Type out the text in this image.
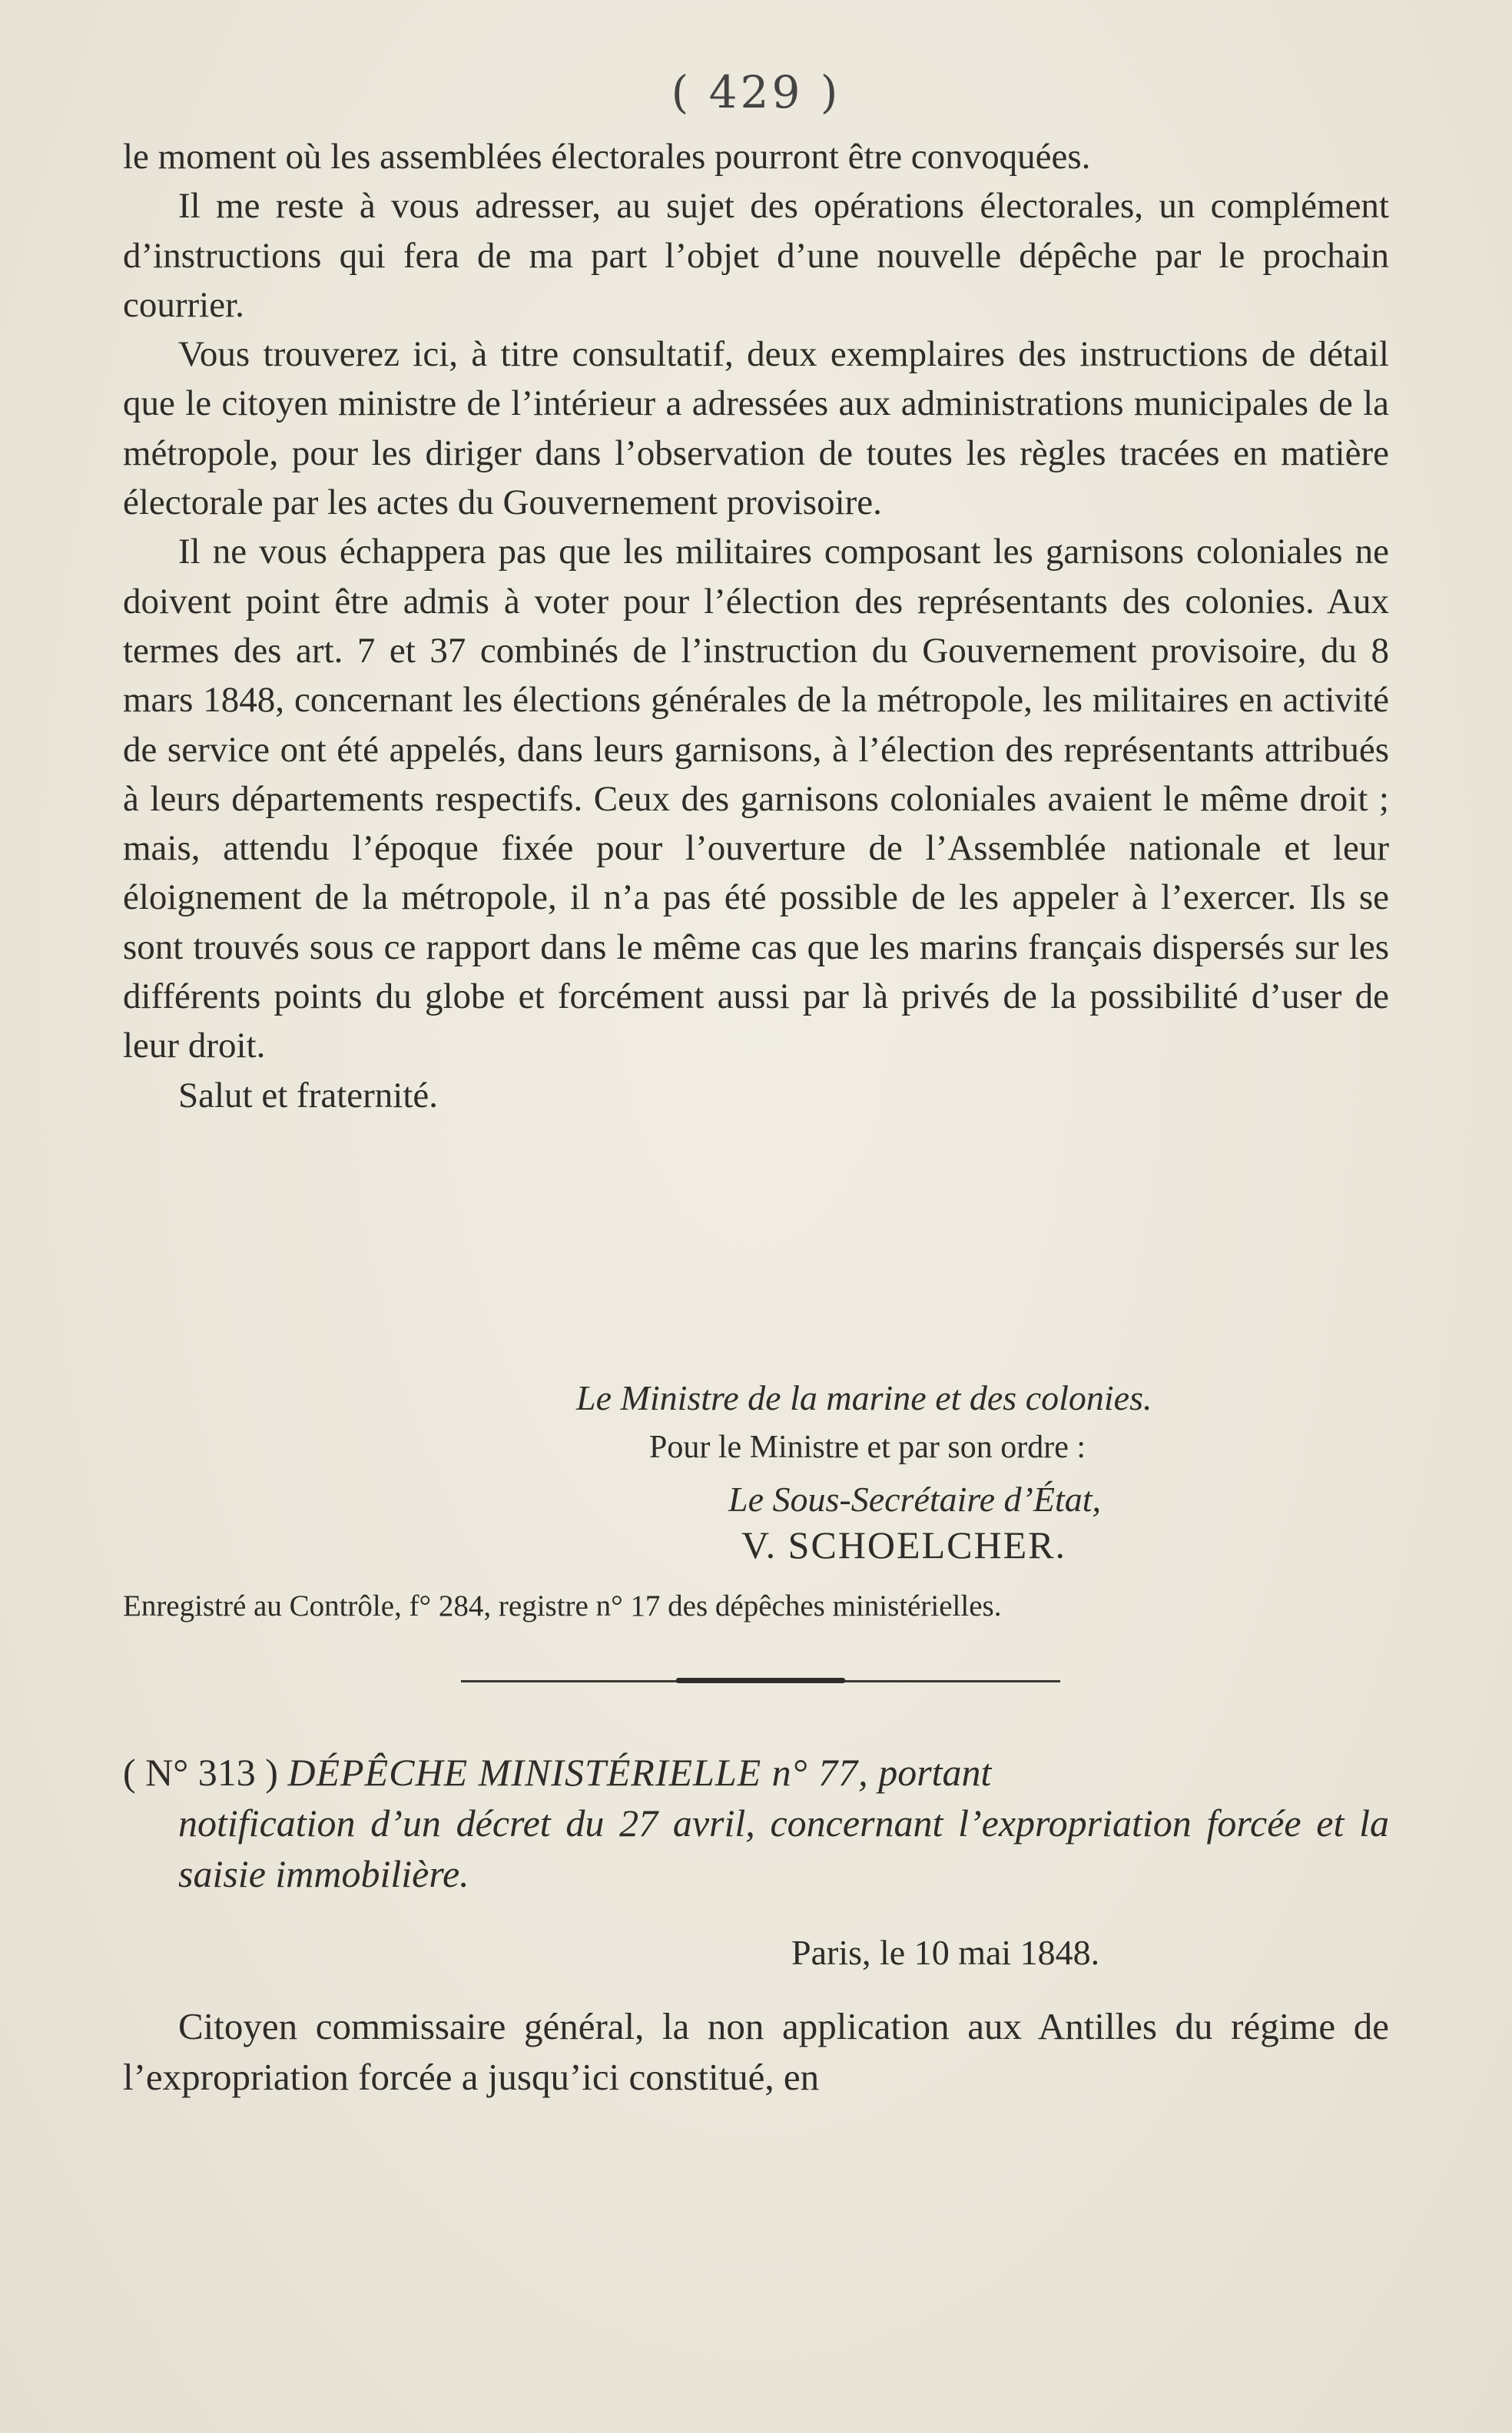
( 429 )

le moment où les assemblées électorales pourront être convoquées.

Il me reste à vous adresser, au sujet des opérations électorales, un complément d’instructions qui fera de ma part l’objet d’une nouvelle dépêche par le prochain courrier.

Vous trouverez ici, à titre consultatif, deux exemplaires des instructions de détail que le citoyen ministre de l’intérieur a adressées aux administrations municipales de la métropole, pour les diriger dans l’observation de toutes les règles tracées en matière électorale par les actes du Gouvernement provisoire.

Il ne vous échappera pas que les militaires composant les garnisons coloniales ne doivent point être admis à voter pour l’élection des représentants des colonies. Aux termes des art. 7 et 37 combinés de l’instruction du Gouvernement provisoire, du 8 mars 1848, concernant les élections générales de la métropole, les militaires en activité de service ont été appelés, dans leurs garnisons, à l’élection des représentants attribués à leurs départements respectifs. Ceux des garnisons coloniales avaient le même droit ; mais, attendu l’époque fixée pour l’ouverture de l’Assemblée nationale et leur éloignement de la métropole, il n’a pas été possible de les appeler à l’exercer. Ils se sont trouvés sous ce rapport dans le même cas que les marins français dispersés sur les différents points du globe et forcément aussi par là privés de la possibilité d’user de leur droit.

Salut et fraternité.

Le Ministre de la marine et des colonies.
Pour le Ministre et par son ordre :
Le Sous-Secrétaire d’État,
V. SCHOELCHER.
Enregistré au Contrôle, f° 284, registre n° 17 des dépêches ministérielles.
( N° 313 ) DÉPÊCHE MINISTÉRIELLE n° 77, portant
notification d’un décret du 27 avril, concernant l’expropriation forcée et la saisie immobilière.
Paris, le 10 mai 1848.

Citoyen commissaire général, la non application aux Antilles du régime de l’expropriation forcée a jusqu’ici constitué, en
